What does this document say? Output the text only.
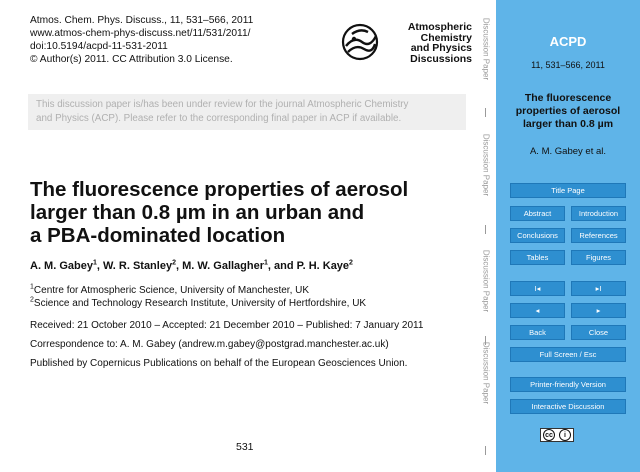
Atmos. Chem. Phys. Discuss., 11, 531–566, 2011
www.atmos-chem-phys-discuss.net/11/531/2011/
doi:10.5194/acpd-11-531-2011
© Author(s) 2011. CC Attribution 3.0 License.
Atmospheric
Chemistry
and Physics
Discussions
This discussion paper is/has been under review for the journal Atmospheric Chemistry
and Physics (ACP). Please refer to the corresponding final paper in ACP if available.
The fluorescence properties of aerosol
larger than 0.8 µm in an urban and
a PBA-dominated location
A. M. Gabey$^1$, W. R. Stanley$^2$, M. W. Gallagher$^1$, and P. H. Kaye$^2$
$^1$Centre for Atmospheric Science, University of Manchester, UK
$^2$Science and Technology Research Institute, University of Hertfordshire, UK
Received: 21 October 2010 – Accepted: 21 December 2010 – Published: 7 January 2011
Correspondence to: A. M. Gabey (andrew.m.gabey@postgrad.manchester.ac.uk)
Published by Copernicus Publications on behalf of the European Geosciences Union.
531
Discussion Paper
Discussion Paper
Discussion Paper
Discussion Paper
ACPD
11, 531–566, 2011
The fluorescence
properties of aerosol
larger than 0.8 µm
A. M. Gabey et al.
Title Page
Abstract	Introduction
Conclusions	References
Tables	Figures
I◂	▸I
◂	▸
Back	Close
Full Screen / Esc
Printer-friendly Version
Interactive Discussion
cc	i
